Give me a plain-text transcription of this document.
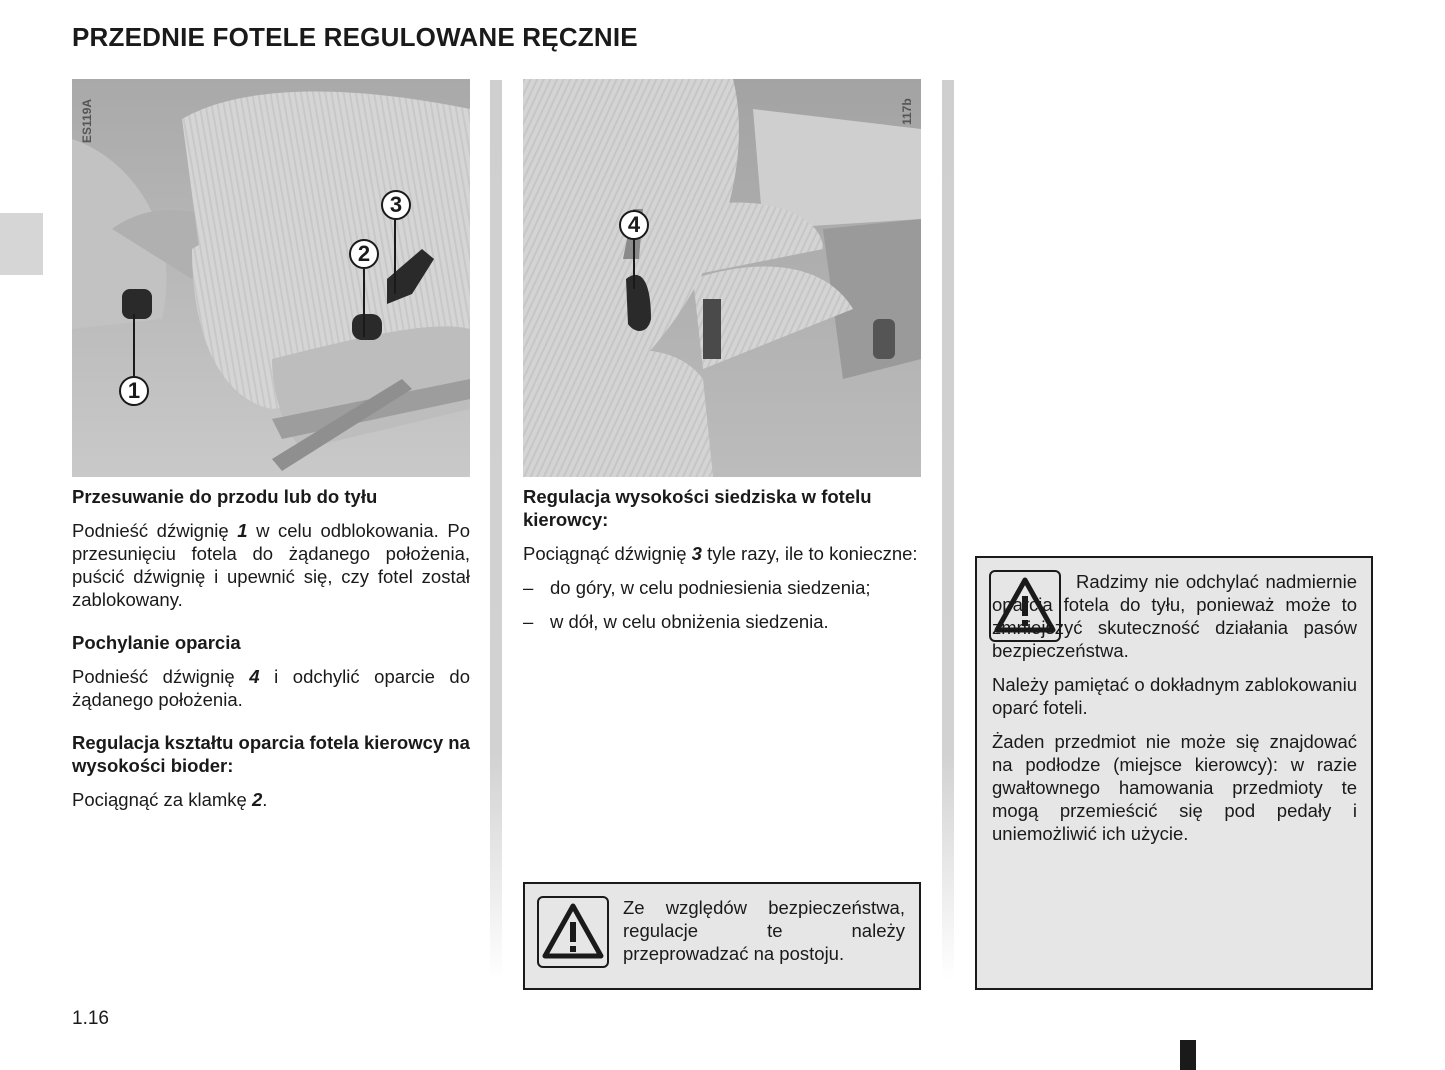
PRZEDNIE FOTELE REGULOWANE RĘCZNIE
ES119A
1
2
3
117b
4
Przesuwanie do przodu lub do tyłu

Podnieść dźwignię 1 w celu odblokowania. Po przesunięciu fotela do żądanego położenia, puścić dźwignię i upewnić się, czy fotel został zablokowany.

Pochylanie oparcia

Podnieść dźwignię 4 i odchylić oparcie do żądanego położenia.

Regulacja kształtu oparcia fotela kierowcy na wysokości bioder:

Pociągnąć za klamkę 2.

Regulacja wysokości siedziska w fotelu kierowcy:

Pociągnąć dźwignię 3 tyle razy, ile to konieczne:

– do góry, w celu podniesienia siedzenia;
– w dół, w celu obniżenia siedzenia.

Ze względów bezpieczeństwa, regulacje te należy przeprowadzać na postoju.

Radzimy nie odchylać nadmiernie oparcia fotela do tyłu, ponieważ może to zmniejszyć skuteczność działania pasów bezpieczeństwa.

Należy pamiętać o dokładnym zablokowaniu oparć foteli.

Żaden przedmiot nie może się znajdować na podłodze (miejsce kierowcy): w razie gwałtownego hamowania przedmioty te mogą przemieścić się pod pedały i uniemożliwić ich użycie.

1.16
